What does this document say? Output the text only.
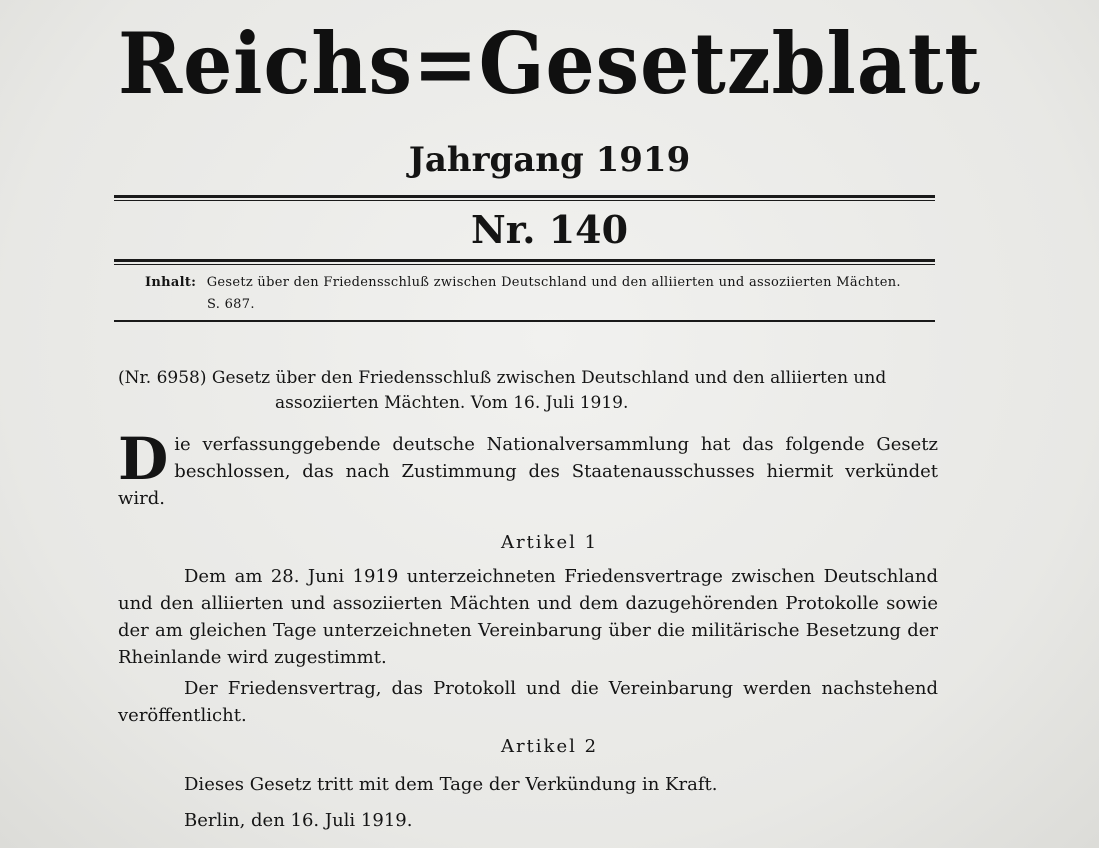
Reichs=Gesetzblatt
Jahrgang 1919
Nr. 140
Inhalt: Gesetz über den Friedensschluß zwischen Deutschland und den alliierten und assoziierten Mächten.
S. 687.
(Nr. 6958) Gesetz über den Friedensschluß zwischen Deutschland und den alliierten und
assoziierten Mächten. Vom 16. Juli 1919.
Die verfassunggebende deutsche Nationalversammlung hat das folgende Gesetz beschlossen, das nach Zustimmung des Staatenausschusses hiermit verkündet wird.
Artikel 1
Dem am 28. Juni 1919 unterzeichneten Friedensvertrage zwischen Deutschland und den alliierten und assoziierten Mächten und dem dazugehörenden Protokolle sowie der am gleichen Tage unterzeichneten Vereinbarung über die militärische Besetzung der Rheinlande wird zugestimmt.
Der Friedensvertrag, das Protokoll und die Vereinbarung werden nachstehend veröffentlicht.
Artikel 2
Dieses Gesetz tritt mit dem Tage der Verkündung in Kraft.
Berlin, den 16. Juli 1919.
